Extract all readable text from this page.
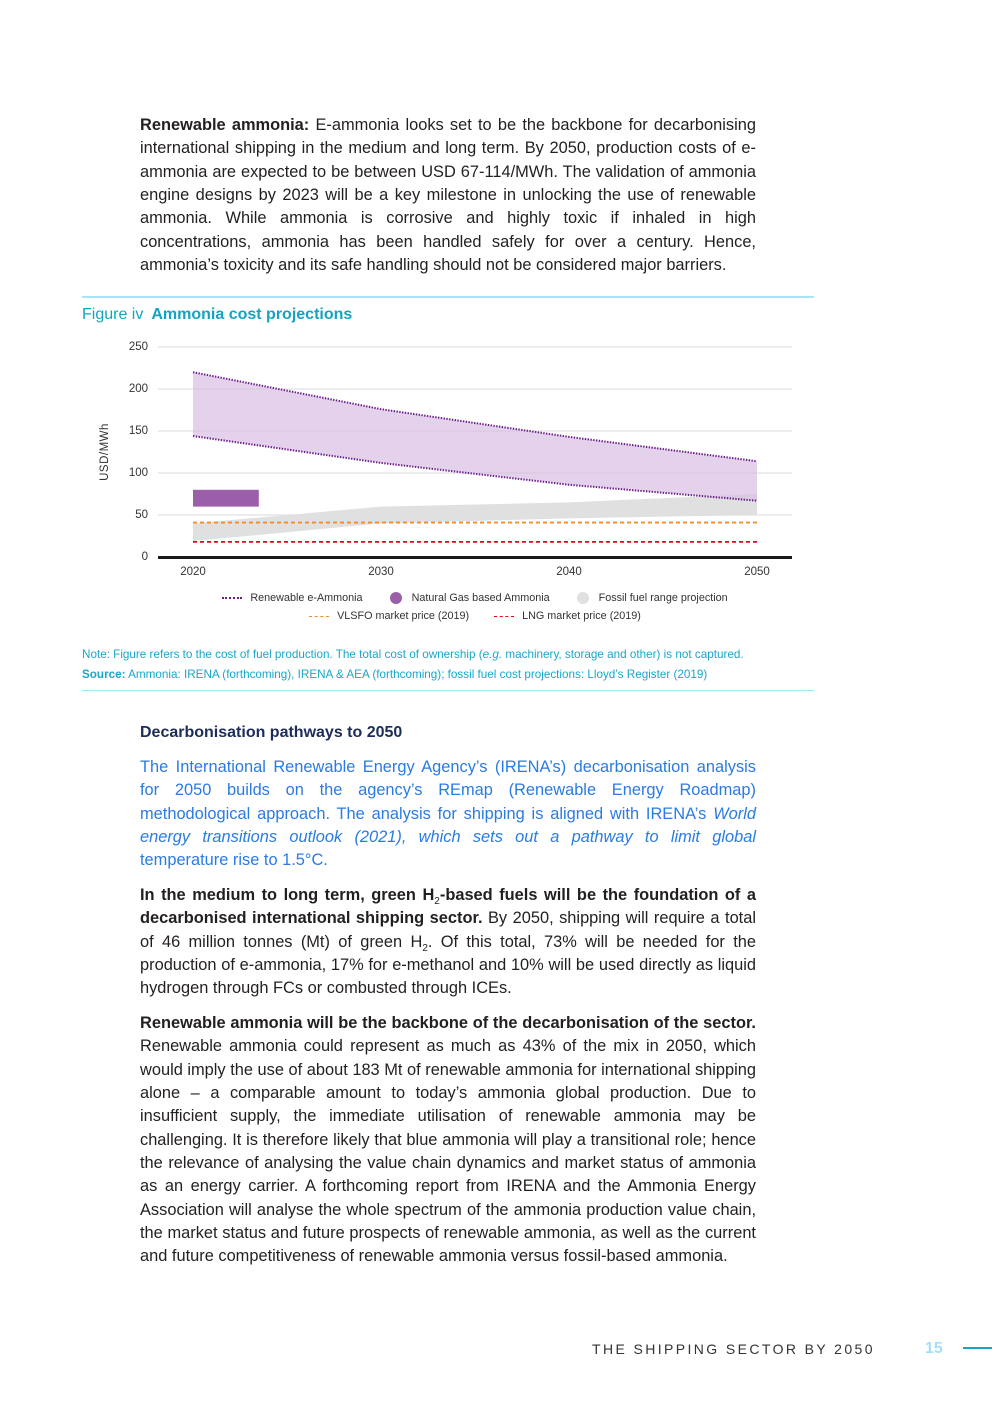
Renewable ammonia: E-ammonia looks set to be the backbone for decarbonising international shipping in the medium and long term. By 2050, production costs of e-ammonia are expected to be between USD 67-114/MWh. The validation of ammonia engine designs by 2023 will be a key milestone in unlocking the use of renewable ammonia. While ammonia is corrosive and highly toxic if inhaled in high concentrations, ammonia has been handled safely for over a century. Hence, ammonia’s toxicity and its safe handling should not be considered major barriers.

Figure iv Ammonia cost projections
USD/MWh
0
50
100
150
200
250
2020	2030	2040	2050
Renewable e-Ammonia	Natural Gas based Ammonia	Fossil fuel range projection
VLSFO market price (2019)	LNG market price (2019)
Note: Figure refers to the cost of fuel production. The total cost of ownership (e.g. machinery, storage and other) is not captured.
Source: Ammonia: IRENA (forthcoming), IRENA & AEA (forthcoming); fossil fuel cost projections: Lloyd’s Register (2019)
Decarbonisation pathways to 2050

The International Renewable Energy Agency’s (IRENA’s) decarbonisation analysis for 2050 builds on the agency’s REmap (Renewable Energy Roadmap) methodological approach. The analysis for shipping is aligned with IRENA’s World energy transitions outlook (2021), which sets out a pathway to limit global temperature rise to 1.5°C.

In the medium to long term, green $H_2$-based fuels will be the foundation of a decarbonised international shipping sector. By 2050, shipping will require a total of 46 million tonnes (Mt) of green $H_2$. Of this total, 73% will be needed for the production of e-ammonia, 17% for e-methanol and 10% will be used directly as liquid hydrogen through FCs or combusted through ICEs.

Renewable ammonia will be the backbone of the decarbonisation of the sector. Renewable ammonia could represent as much as 43% of the mix in 2050, which would imply the use of about 183 Mt of renewable ammonia for international shipping alone – a comparable amount to today’s ammonia global production. Due to insufficient supply, the immediate utilisation of renewable ammonia may be challenging. It is therefore likely that blue ammonia will play a transitional role; hence the relevance of analysing the value chain dynamics and market status of ammonia as an energy carrier. A forthcoming report from IRENA and the Ammonia Energy Association will analyse the whole spectrum of the ammonia production value chain, the market status and future prospects of renewable ammonia, as well as the current and future competitiveness of renewable ammonia versus fossil-based ammonia.

THE SHIPPING SECTOR BY 2050	15
